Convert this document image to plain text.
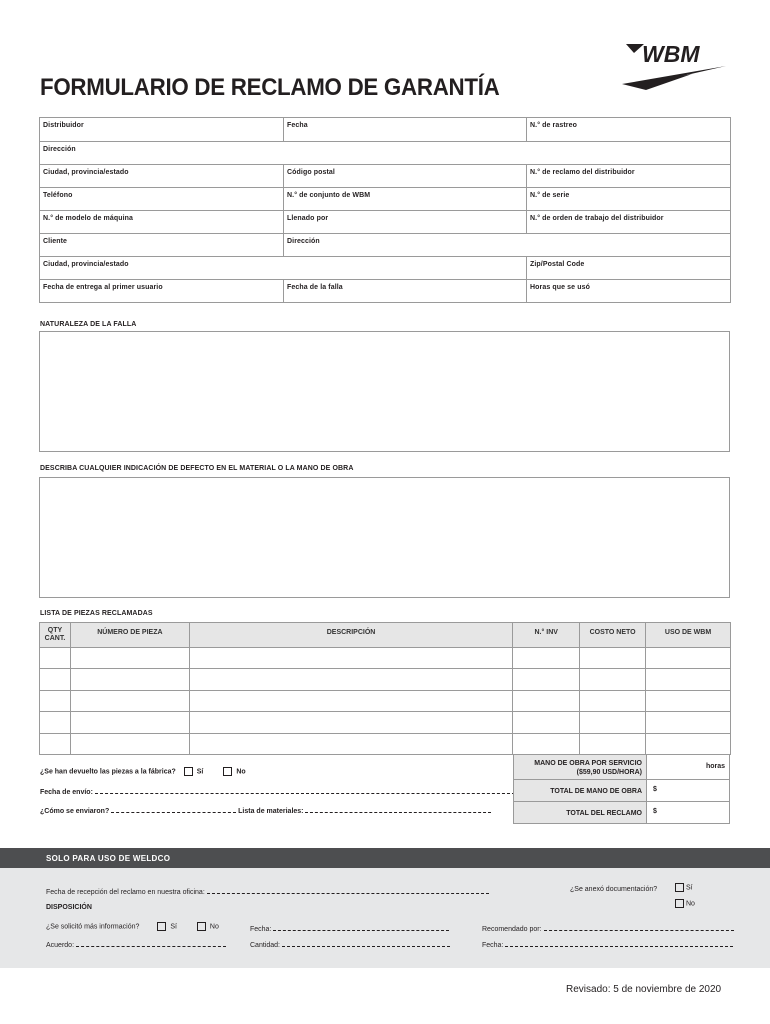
WBM
FORMULARIO DE RECLAMO DE GARANTÍA
Distribuidor	Fecha	N.° de rastreo
Dirección
Ciudad, provincia/estado	Código postal	N.° de reclamo del distribuidor
Teléfono	N.° de conjunto de WBM	N.° de serie
N.° de modelo de máquina	Llenado por	N.° de orden de trabajo del distribuidor
Cliente	Dirección
Ciudad, provincia/estado	Zip/Postal Code
Fecha de entrega al primer usuario	Fecha de la falla	Horas que se usó
NATURALEZA DE LA FALLA
DESCRIBA CUALQUIER INDICACIÓN DE DEFECTO EN EL MATERIAL O LA MANO DE OBRA
LISTA DE PIEZAS RECLAMADAS
QTY
CANT.	NÚMERO DE PIEZA	DESCRIPCIÓN	N.° INV	COSTO NETO	USO DE WBM

¿Se han devuelto las piezas a la fábrica?	Sí	No
Fecha de envío:
¿Cómo se enviaron?	Lista de materiales:
MANO DE OBRA POR SERVICIO
($59,90 USD/HORA)
horas
TOTAL DE MANO DE OBRA	$
TOTAL DEL RECLAMO	$
SOLO PARA USO DE WELDCO
Fecha de recepción del reclamo en nuestra oficina:	¿Se anexó documentación?	Sí
No
DISPOSICIÓN
¿Se solicitó más información?	Sí	No	Fecha:	Recomendado por:
Acuerdo:	Cantidad:	Fecha:
Revisado: 5 de noviembre de 2020
